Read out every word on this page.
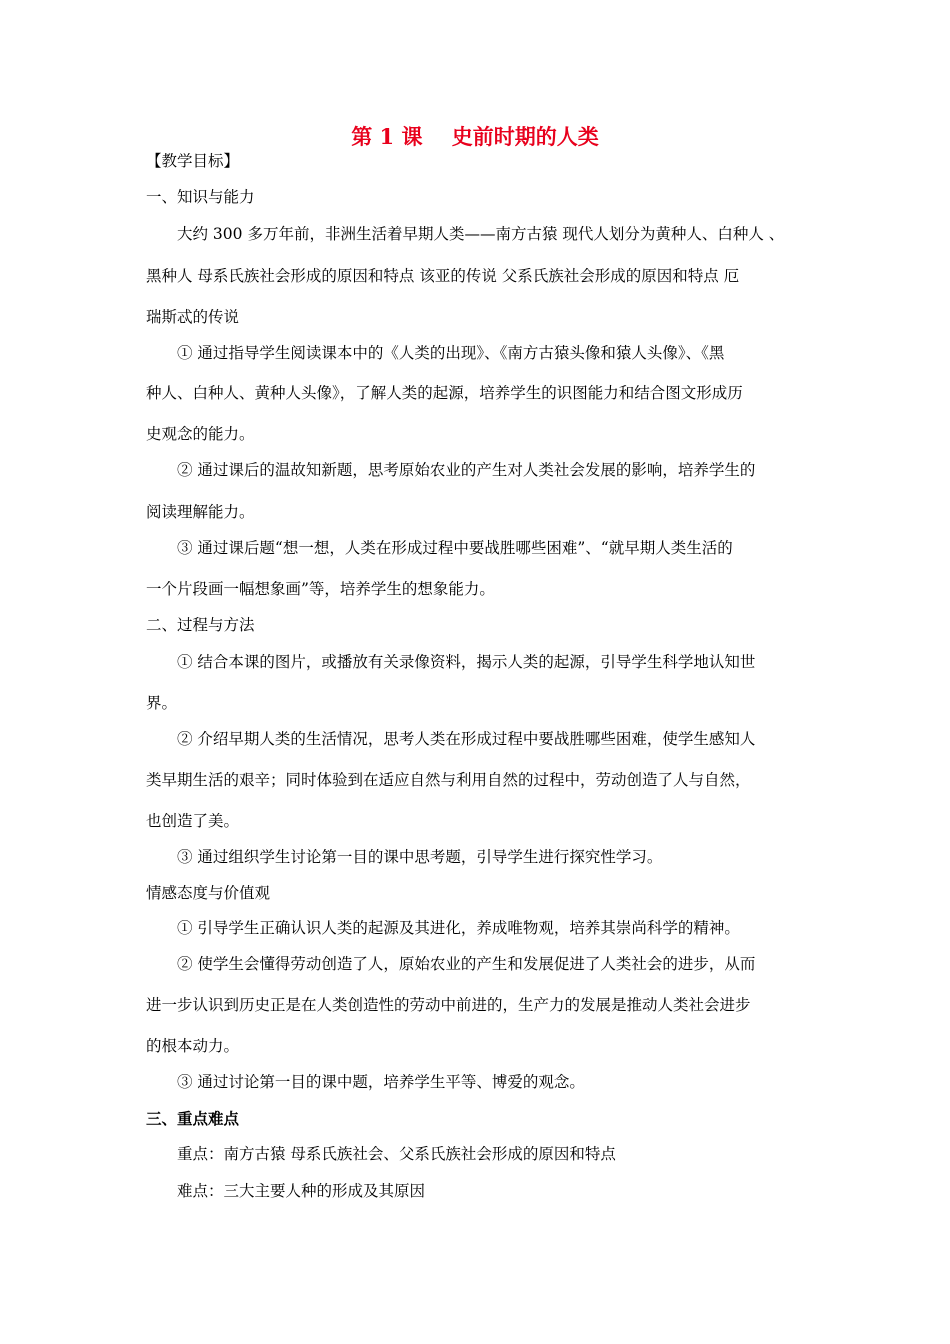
第 1 课    史前时期的人类
【教学目标】
一、知识与能力
大约 300 多万年前，非洲生活着早期人类——南方古猿 现代人划分为黄种人、白种人 、
黑种人 母系氏族社会形成的原因和特点 该亚的传说 父系氏族社会形成的原因和特点 厄
瑞斯忒的传说
① 通过指导学生阅读课本中的《人类的出现》、《南方古猿头像和猿人头像》、《黑
种人、白种人、黄种人头像》，了解人类的起源，培养学生的识图能力和结合图文形成历
史观念的能力。
② 通过课后的温故知新题，思考原始农业的产生对人类社会发展的影响，培养学生的
阅读理解能力。
③ 通过课后题“想一想，人类在形成过程中要战胜哪些困难”、“就早期人类生活的
一个片段画一幅想象画”等，培养学生的想象能力。
二、过程与方法
① 结合本课的图片，或播放有关录像资料，揭示人类的起源，引导学生科学地认知世
界。
② 介绍早期人类的生活情况，思考人类在形成过程中要战胜哪些困难，使学生感知人
类早期生活的艰辛；同时体验到在适应自然与利用自然的过程中，劳动创造了人与自然，
也创造了美。
③ 通过组织学生讨论第一目的课中思考题，引导学生进行探究性学习。
情感态度与价值观
① 引导学生正确认识人类的起源及其进化，养成唯物观，培养其崇尚科学的精神。
② 使学生会懂得劳动创造了人，原始农业的产生和发展促进了人类社会的进步，从而
进一步认识到历史正是在人类创造性的劳动中前进的，生产力的发展是推动人类社会进步
的根本动力。
③ 通过讨论第一目的课中题，培养学生平等、博爱的观念。
三、重点难点
重点：南方古猿 母系氏族社会、父系氏族社会形成的原因和特点
难点：三大主要人种的形成及其原因
